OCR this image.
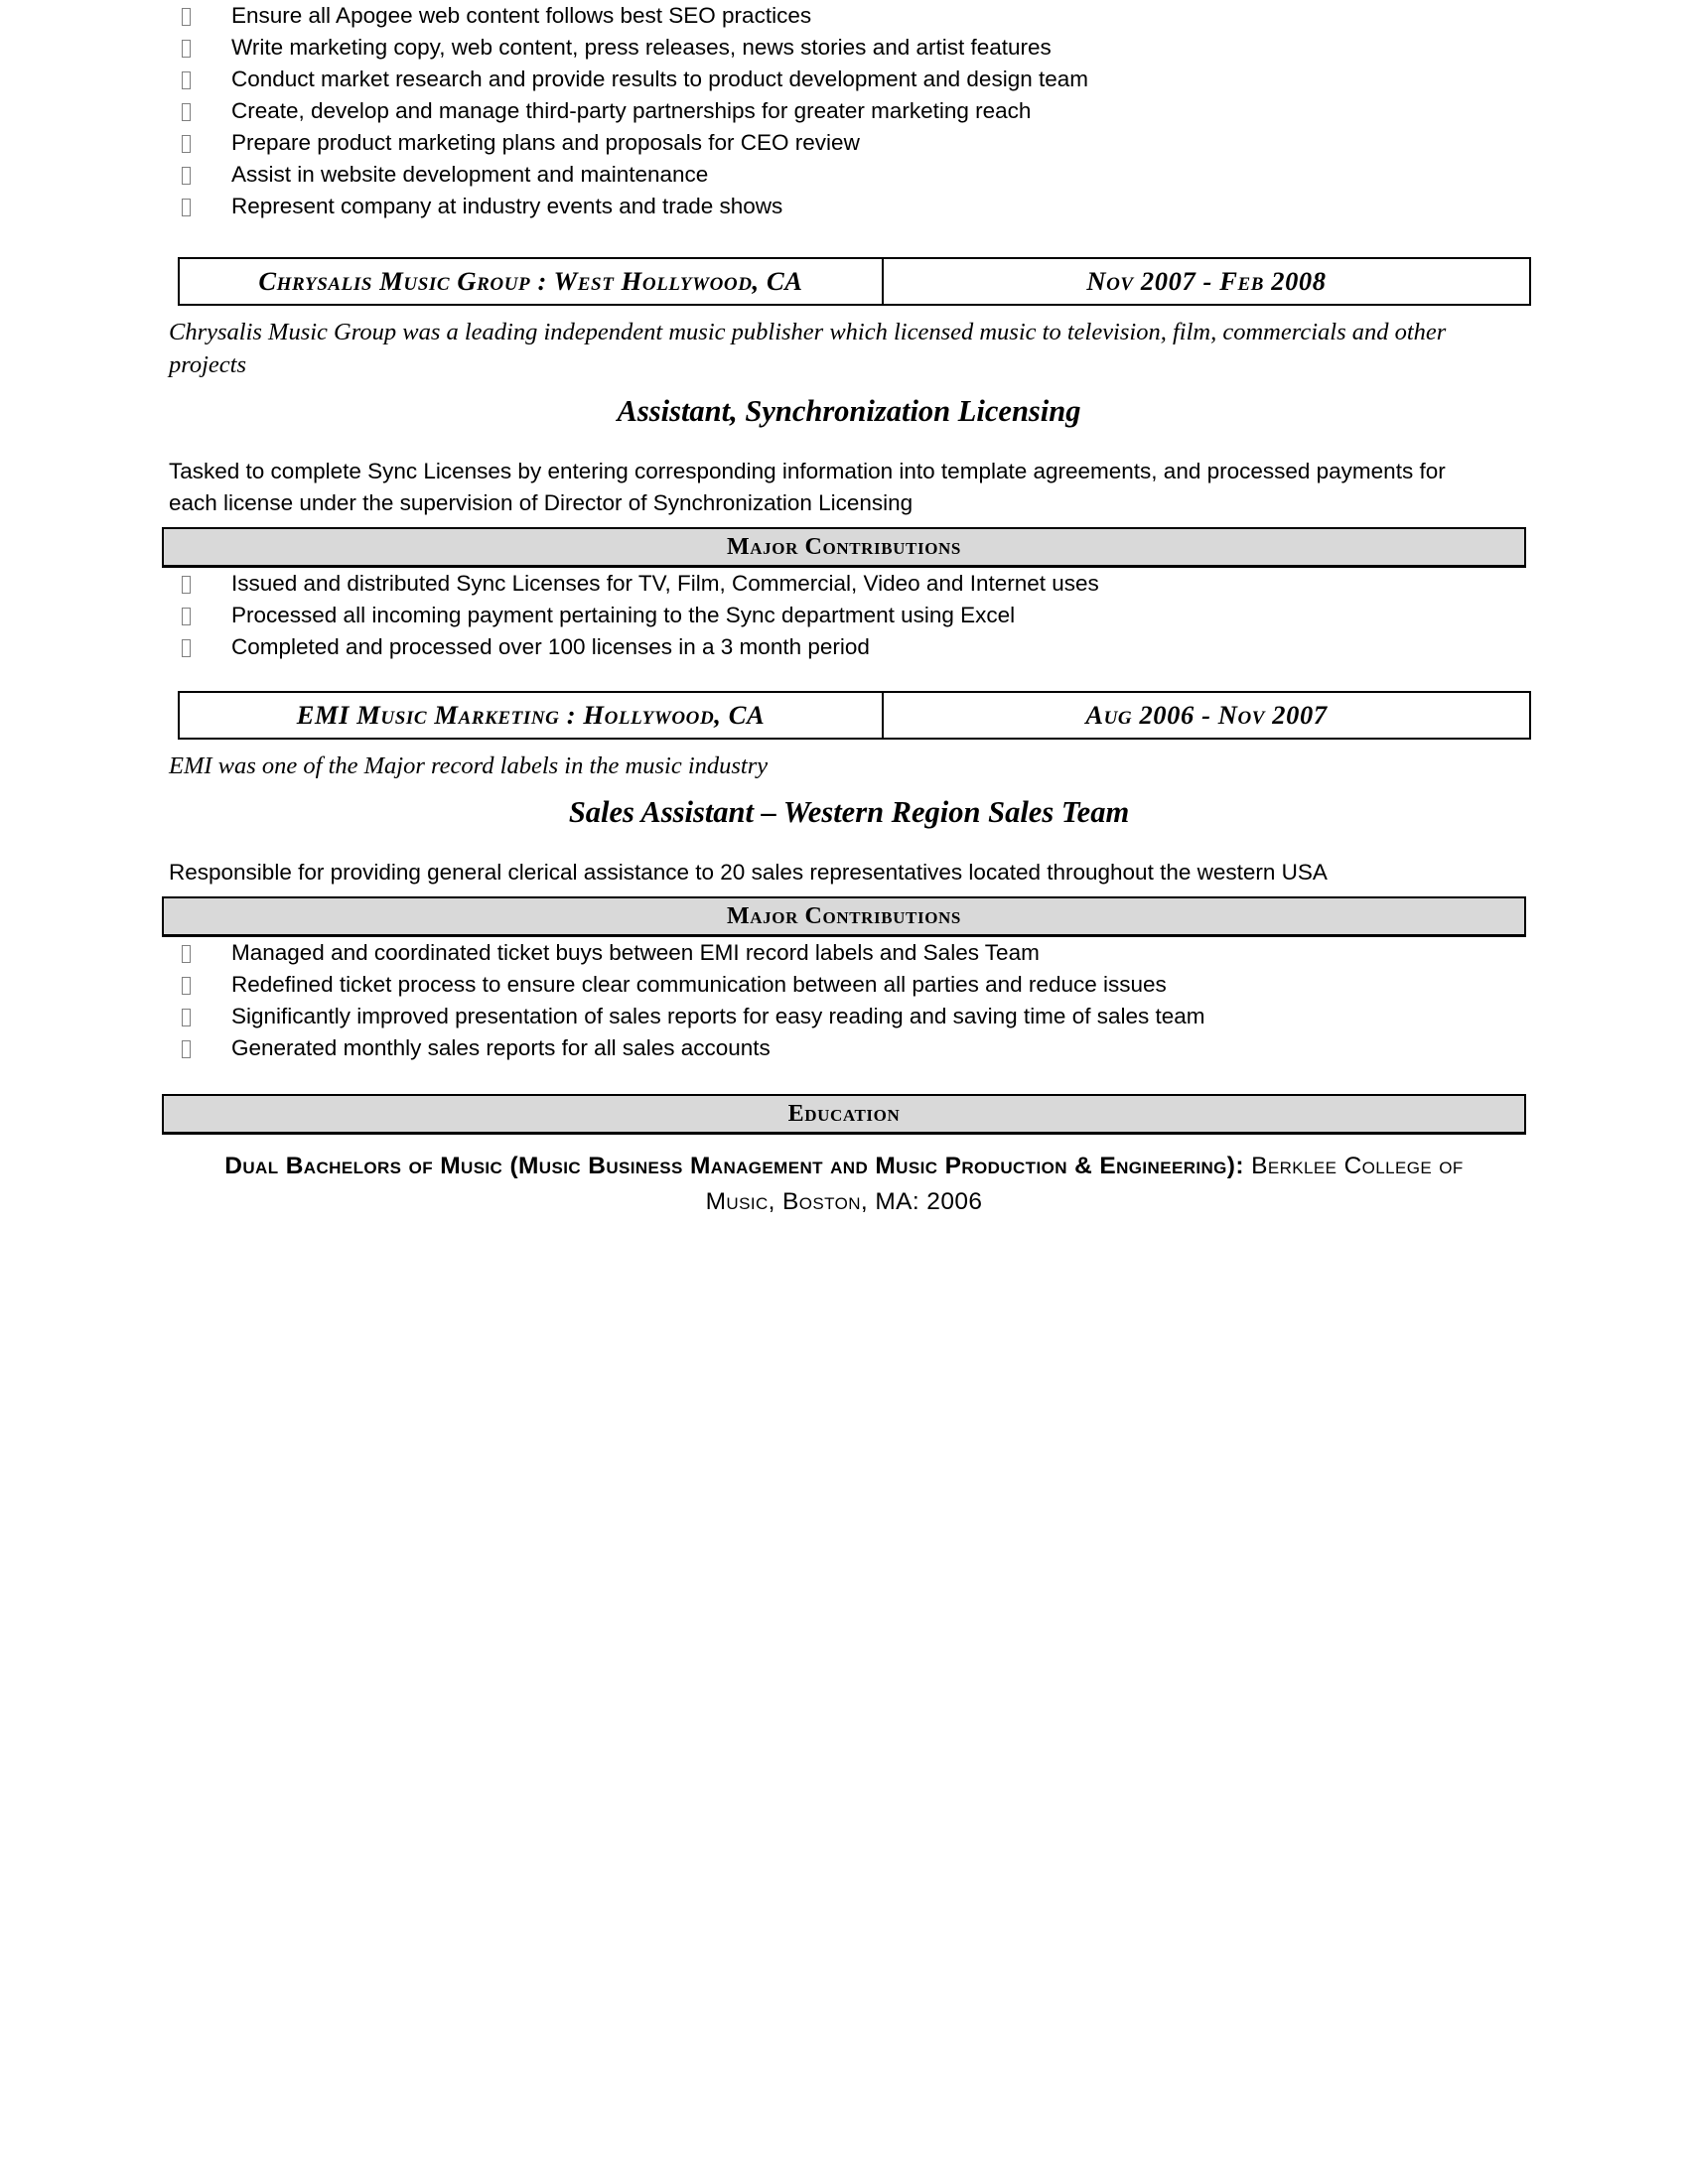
Ensure all Apogee web content follows best SEO practices
Write marketing copy, web content, press releases, news stories and artist features
Conduct market research and provide results to product development and design team
Create, develop and manage third-party partnerships for greater marketing reach
Prepare product marketing plans and proposals for CEO review
Assist in website development and maintenance
Represent company at industry events and trade shows
Chrysalis Music Group : West Hollywood, CA	Nov 2007 - Feb 2008

Chrysalis Music Group was a leading independent music publisher which licensed music to television, film, commercials and other projects

Assistant, Synchronization Licensing

Tasked to complete Sync Licenses by entering corresponding information into template agreements, and processed payments for each license under the supervision of Director of Synchronization Licensing

Major Contributions
Issued and distributed Sync Licenses for TV, Film, Commercial, Video and Internet uses
Processed all incoming payment pertaining to the Sync department using Excel
Completed and processed over 100 licenses in a 3 month period
EMI Music Marketing : Hollywood, CA	Aug 2006 - Nov 2007

EMI was one of the Major record labels in the music industry

Sales Assistant – Western Region Sales Team

Responsible for providing general clerical assistance to 20 sales representatives located throughout the western USA

Major Contributions
Managed and coordinated ticket buys between EMI record labels and Sales Team
Redefined ticket process to ensure clear communication between all parties and reduce issues
Significantly improved presentation of sales reports for easy reading and saving time of sales team
Generated monthly sales reports for all sales accounts
Education

Dual Bachelors of Music (Music Business Management and Music Production & Engineering): Berklee College of Music, Boston, MA: 2006
